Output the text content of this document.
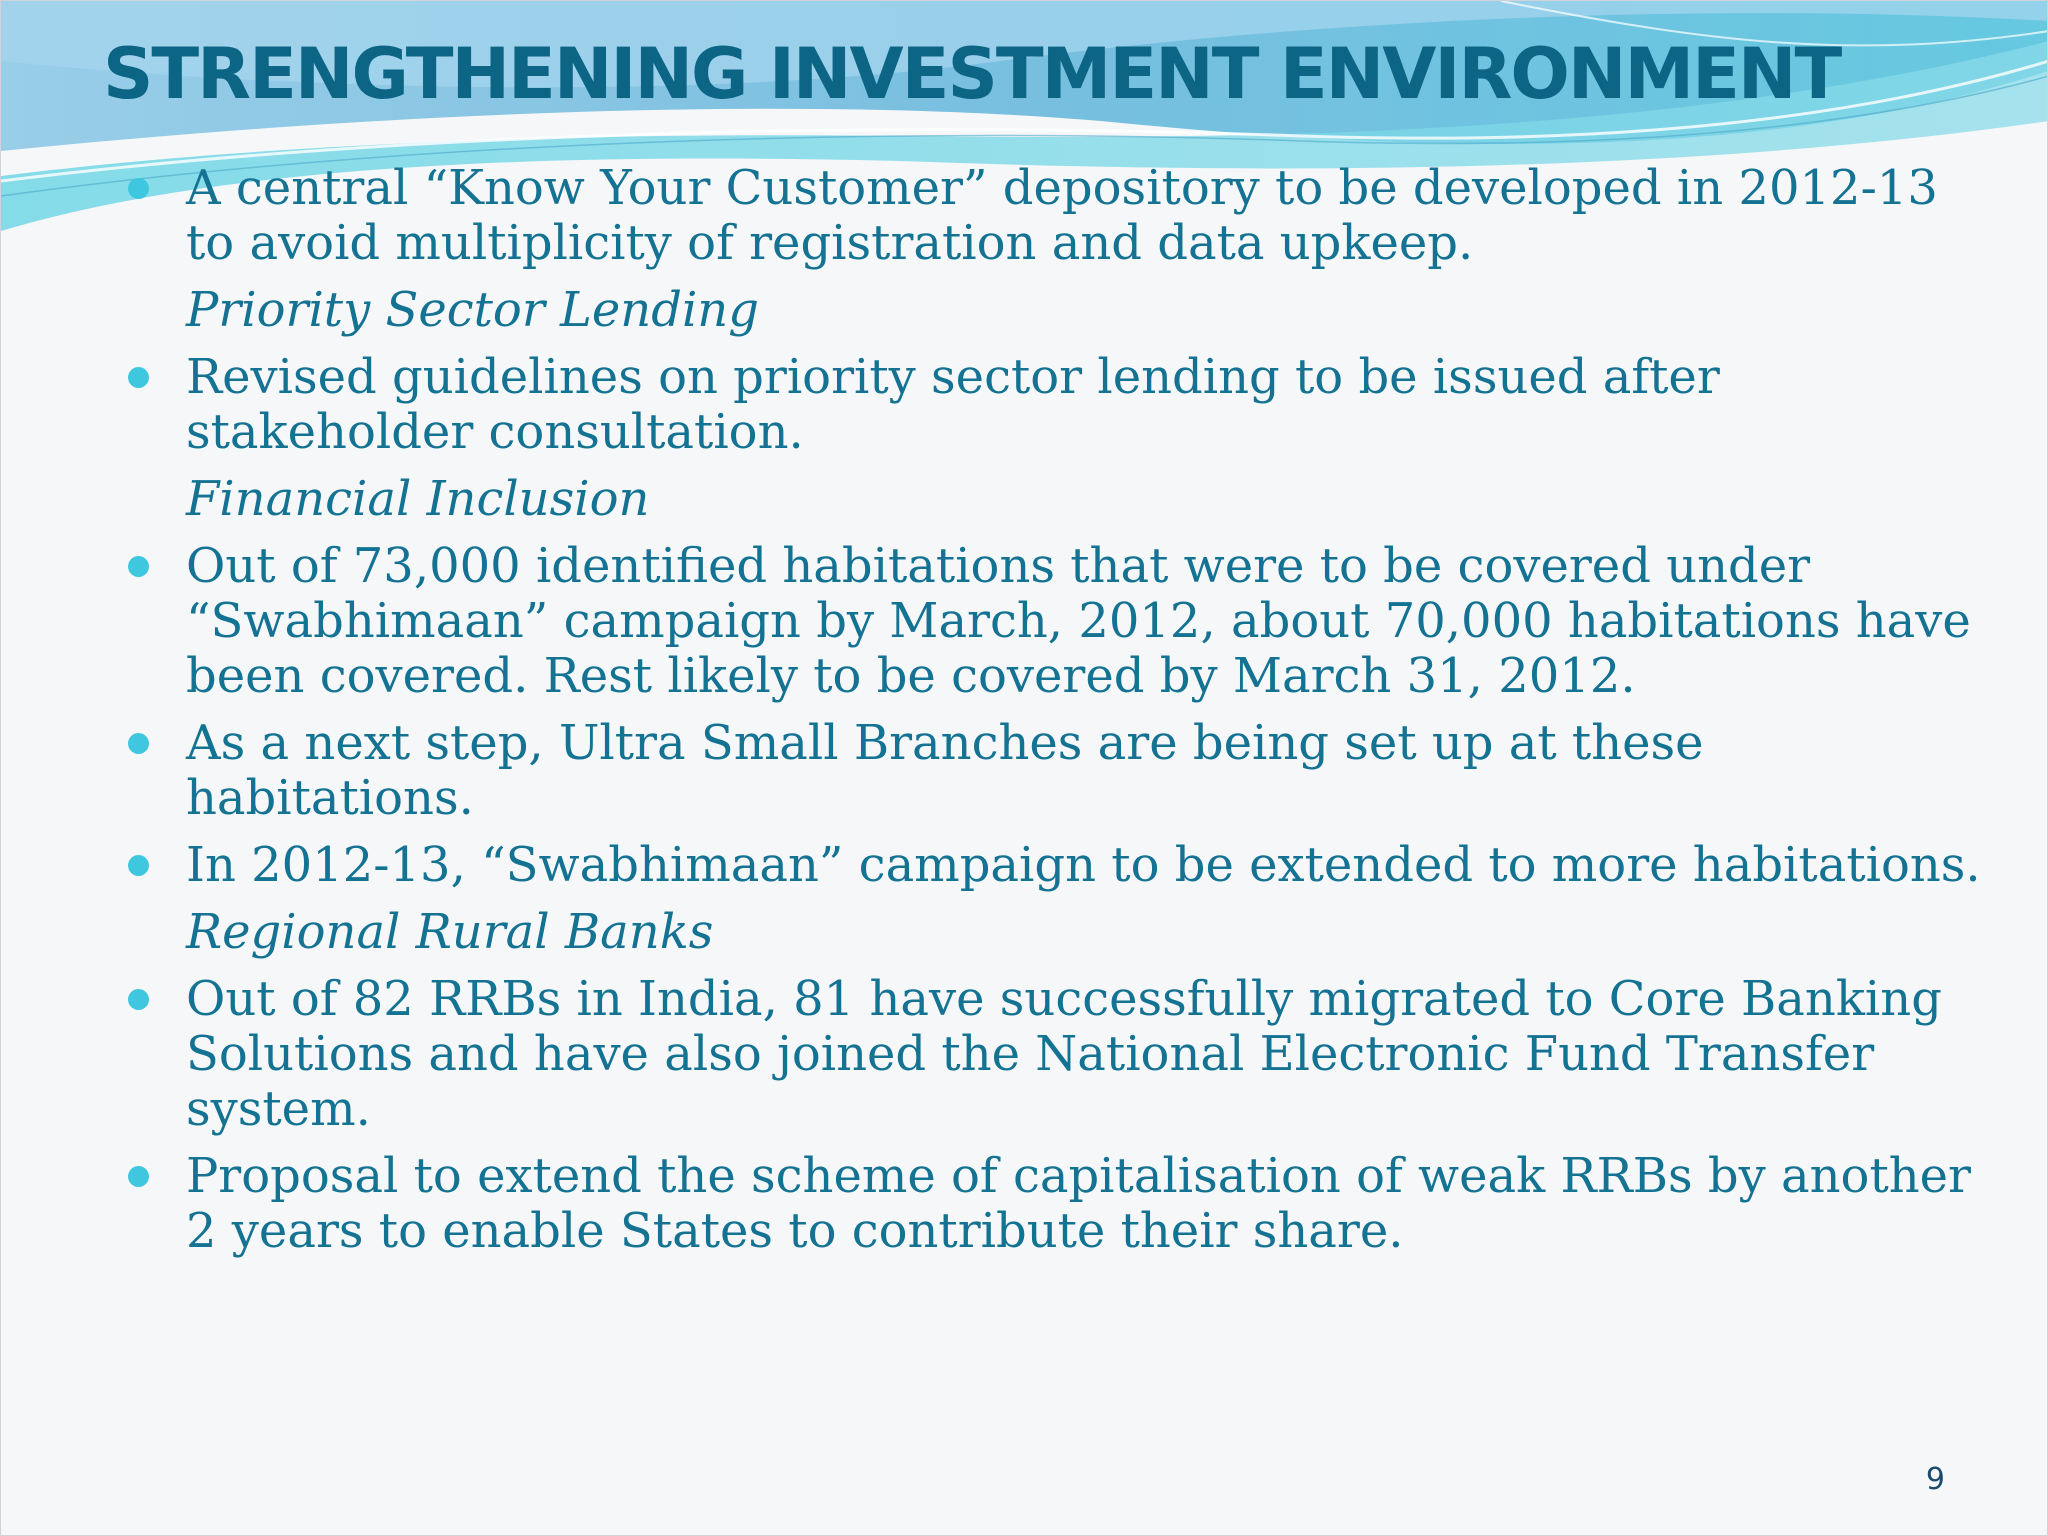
STRENGTHENING INVESTMENT ENVIRONMENT
A central “Know Your Customer” depository to be developed in 2012-13 to avoid multiplicity of registration and data upkeep.
Priority Sector Lending
Revised guidelines on priority sector lending to be issued after stakeholder consultation.
Financial Inclusion
Out of 73,000 identified habitations that were to be covered under “Swabhimaan” campaign by March, 2012, about 70,000 habitations have been covered. Rest likely to be covered by March 31, 2012.
As a next step, Ultra Small Branches are being set up at these habitations.
In 2012-13, “Swabhimaan” campaign to be extended to more habitations.
Regional Rural Banks
Out of 82 RRBs in India, 81 have successfully migrated to Core Banking Solutions and have also joined the National Electronic Fund Transfer system.
Proposal to extend the scheme of capitalisation of weak RRBs by another 2 years to enable States to contribute their share.
9
